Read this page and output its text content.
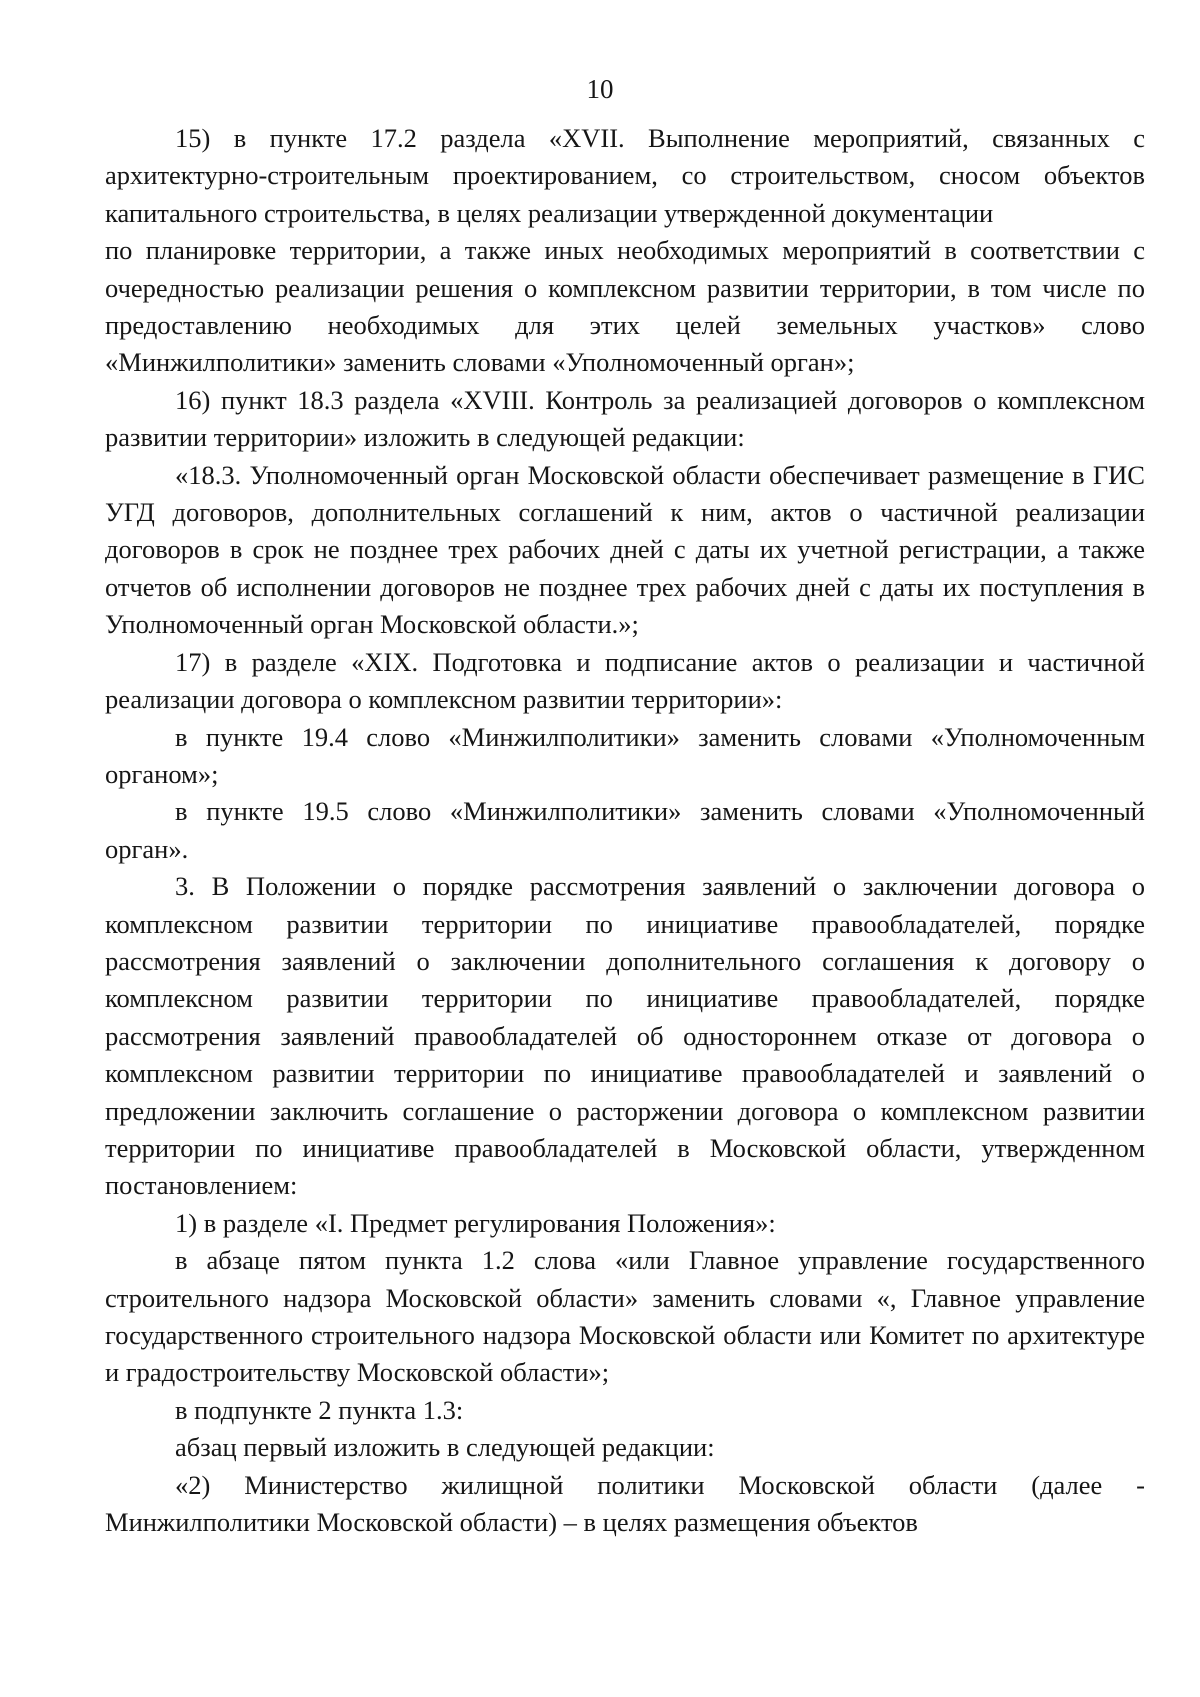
10

15) в пункте 17.2 раздела «XVII. Выполнение мероприятий, связанных с архитектурно-строительным проектированием, со строительством, сносом объектов капитального строительства, в целях реализации утвержденной документации

по планировке территории, а также иных необходимых мероприятий в соответствии с очередностью реализации решения о комплексном развитии территории, в том числе по предоставлению необходимых для этих целей земельных участков» слово «Минжилполитики» заменить словами «Уполномоченный орган»;

16) пункт 18.3 раздела «XVIII. Контроль за реализацией договоров о комплексном развитии территории» изложить в следующей редакции:

«18.3. Уполномоченный орган Московской области обеспечивает размещение в ГИС УГД договоров, дополнительных соглашений к ним, актов о частичной реализации договоров в срок не позднее трех рабочих дней с даты их учетной регистрации, а также отчетов об исполнении договоров не позднее трех рабочих дней с даты их поступления в Уполномоченный орган Московской области.»;

17) в разделе «XIX. Подготовка и подписание актов о реализации и частичной реализации договора о комплексном развитии территории»:

в пункте 19.4 слово «Минжилполитики» заменить словами «Уполномоченным органом»;

в пункте 19.5 слово «Минжилполитики» заменить словами «Уполномоченный орган».

3. В Положении о порядке рассмотрения заявлений о заключении договора о комплексном развитии территории по инициативе правообладателей, порядке рассмотрения заявлений о заключении дополнительного соглашения к договору о комплексном развитии территории по инициативе правообладателей, порядке рассмотрения заявлений правообладателей об одностороннем отказе от договора о комплексном развитии территории по инициативе правообладателей и заявлений о предложении заключить соглашение о расторжении договора о комплексном развитии территории по инициативе правообладателей в Московской области, утвержденном постановлением:

1) в разделе «I. Предмет регулирования Положения»:

в абзаце пятом пункта 1.2 слова «или Главное управление государственного строительного надзора Московской области» заменить словами «, Главное управление государственного строительного надзора Московской области или Комитет по архитектуре и градостроительству Московской области»;

в подпункте 2 пункта 1.3:

абзац первый изложить в следующей редакции:

«2) Министерство жилищной политики Московской области (далее - Минжилполитики Московской области) – в целях размещения объектов
